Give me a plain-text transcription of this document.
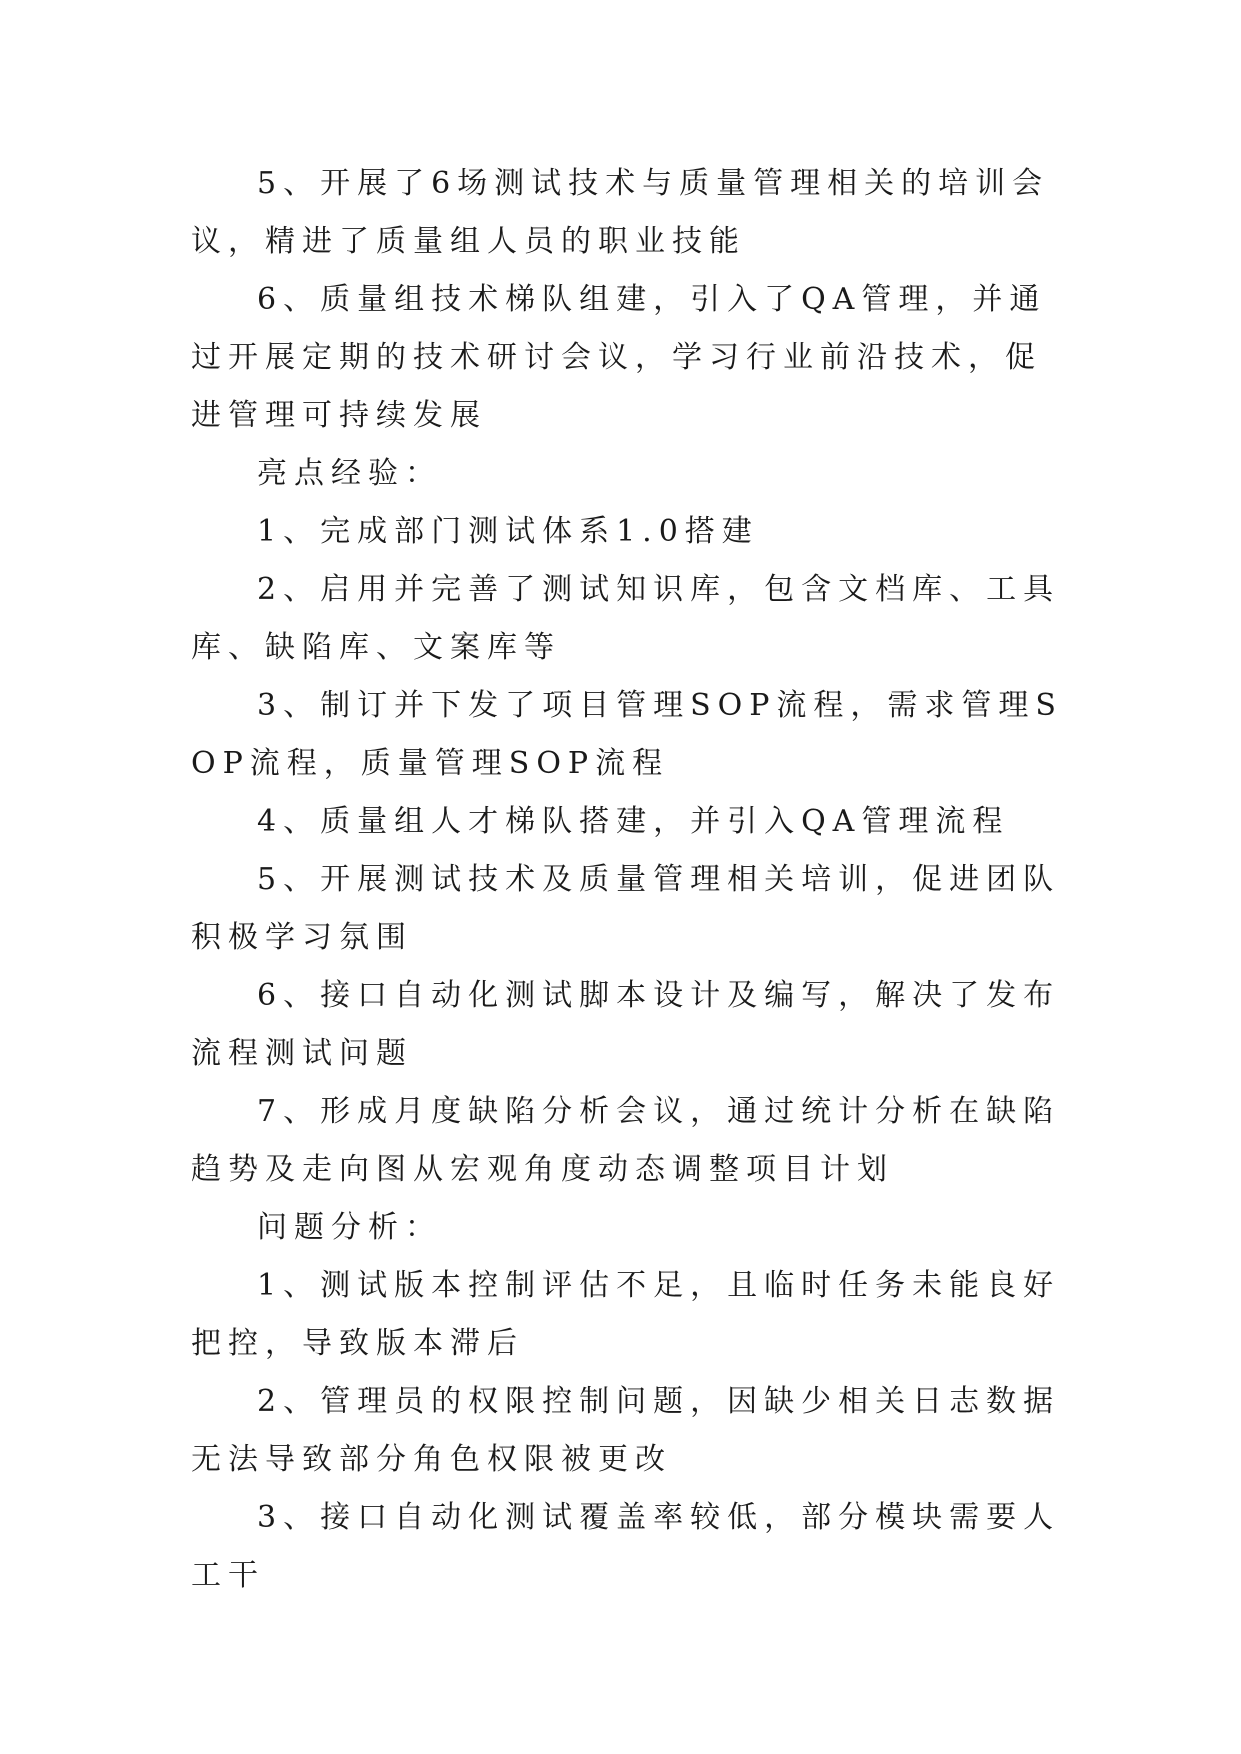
5、开展了6场测试技术与质量管理相关的培训会议，精进了质量组人员的职业技能

6、质量组技术梯队组建，引入了QA管理，并通过开展定期的技术研讨会议，学习行业前沿技术，促进管理可持续发展

亮点经验：

1、完成部门测试体系1.0搭建

2、启用并完善了测试知识库，包含文档库、工具库、缺陷库、文案库等

3、制订并下发了项目管理SOP流程，需求管理SOP流程，质量管理SOP流程

4、质量组人才梯队搭建，并引入QA管理流程

5、开展测试技术及质量管理相关培训，促进团队积极学习氛围

6、接口自动化测试脚本设计及编写，解决了发布流程测试问题

7、形成月度缺陷分析会议，通过统计分析在缺陷趋势及走向图从宏观角度动态调整项目计划

问题分析：

1、测试版本控制评估不足，且临时任务未能良好把控，导致版本滞后

2、管理员的权限控制问题，因缺少相关日志数据无法导致部分角色权限被更改

3、接口自动化测试覆盖率较低，部分模块需要人工干
